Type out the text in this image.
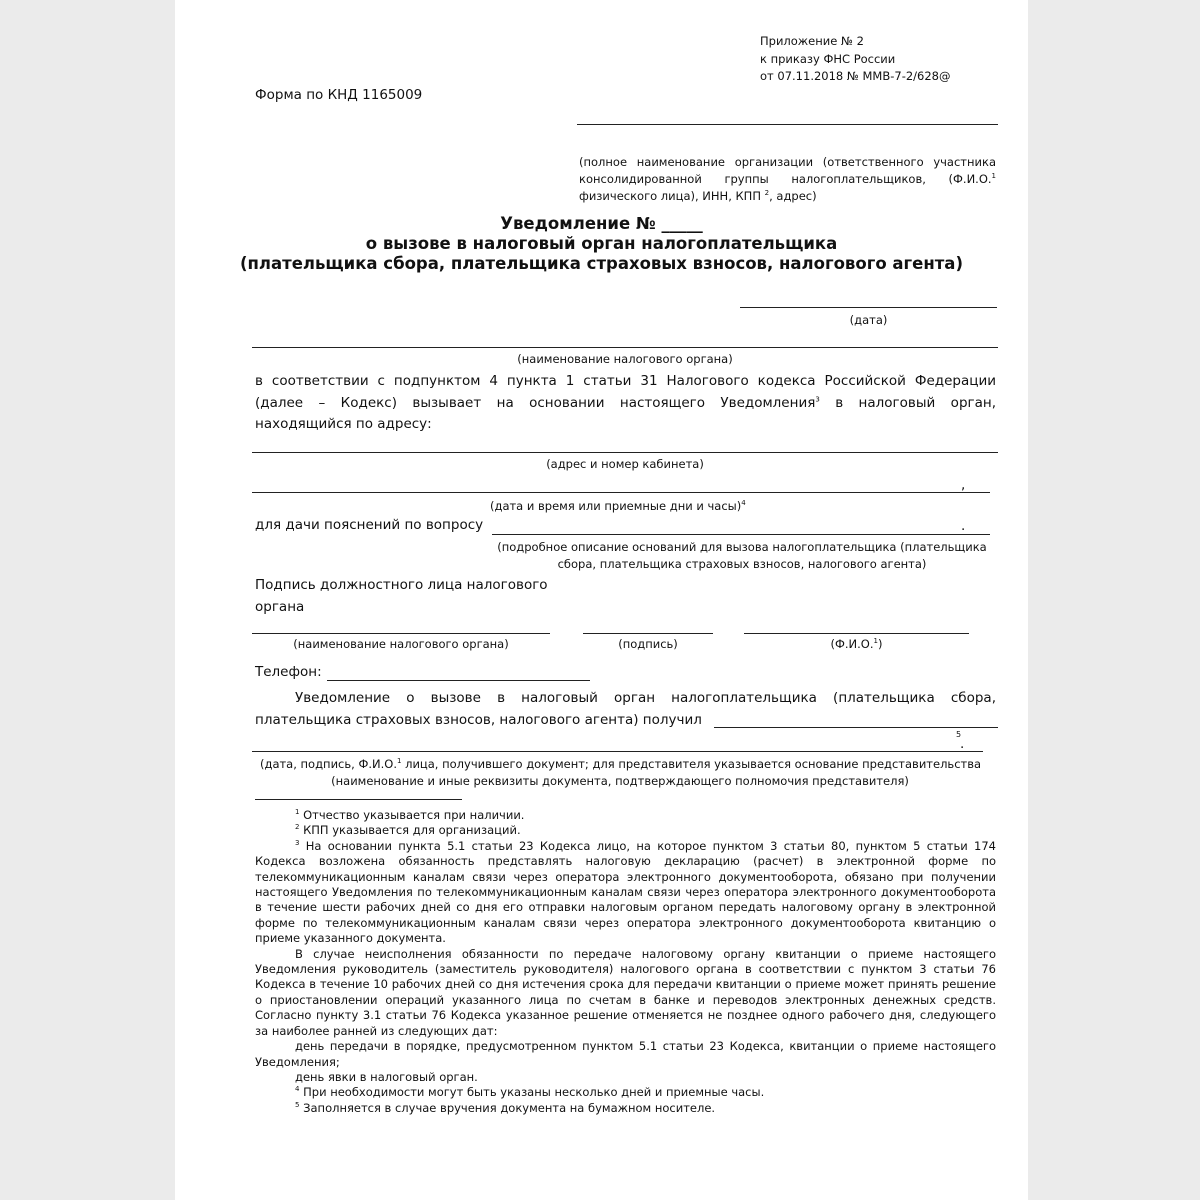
Приложение № 2
к приказу ФНС России
от 07.11.2018 № ММВ-7-2/628@
Форма по КНД 1165009
(полное наименование организации (ответственного участника
консолидированной группы налогоплательщиков, (Ф.И.О.$^1$
физического лица), ИНН, КПП $^2$, адрес)
Уведомление № _____
о вызове в налоговый орган налогоплательщика
(плательщика сбора, плательщика страховых взносов, налогового агента)
(дата)
(наименование налогового органа)
в соответствии с подпунктом 4 пункта 1 статьи 31 Налогового кодекса Российской Федерации
(далее – Кодекс) вызывает на основании настоящего Уведомления$^3$ в налоговый орган,
находящийся по адресу:
(адрес и номер кабинета)
,
(дата и время или приемные дни и часы)$^4$
для дачи пояснений по вопросу	.
(подробное описание оснований для вызова налогоплательщика (плательщика
сбора, плательщика страховых взносов, налогового агента)
Подпись должностного лица налогового
органа
(наименование налогового органа)	(подпись)	(Ф.И.О.$^1$)
Телефон:
Уведомление о вызове в налоговый орган налогоплательщика (плательщика сбора,
плательщика страховых взносов, налогового агента) получил
5
.
(дата, подпись, Ф.И.О.$^1$ лица, получившего документ; для представителя указывается основание представительства
(наименование и иные реквизиты документа, подтверждающего полномочия представителя)

$^1$ Отчество указывается при наличии.

$^2$ КПП указывается для организаций.

$^3$ На основании пункта 5.1 статьи 23 Кодекса лицо, на которое пунктом 3 статьи 80, пунктом 5 статьи 174 Кодекса возложена обязанность представлять налоговую декларацию (расчет) в электронной форме по телекоммуникационным каналам связи через оператора электронного документооборота, обязано при получении настоящего Уведомления по телекоммуникационным каналам связи через оператора электронного документооборота в течение шести рабочих дней со дня его отправки налоговым органом передать налоговому органу в электронной форме по телекоммуникационным каналам связи через оператора электронного документооборота квитанцию о приеме указанного документа.

В случае неисполнения обязанности по передаче налоговому органу квитанции о приеме настоящего Уведомления руководитель (заместитель руководителя) налогового органа в соответствии с пунктом 3 статьи 76 Кодекса в течение 10 рабочих дней со дня истечения срока для передачи квитанции о приеме может принять решение о приостановлении операций указанного лица по счетам в банке и переводов электронных денежных средств. Согласно пункту 3.1 статьи 76 Кодекса указанное решение отменяется не позднее одного рабочего дня, следующего за наиболее ранней из следующих дат:

день передачи в порядке, предусмотренном пунктом 5.1 статьи 23 Кодекса, квитанции о приеме настоящего Уведомления;

день явки в налоговый орган.

$^4$ При необходимости могут быть указаны несколько дней и приемные часы.

$^5$ Заполняется в случае вручения документа на бумажном носителе.
